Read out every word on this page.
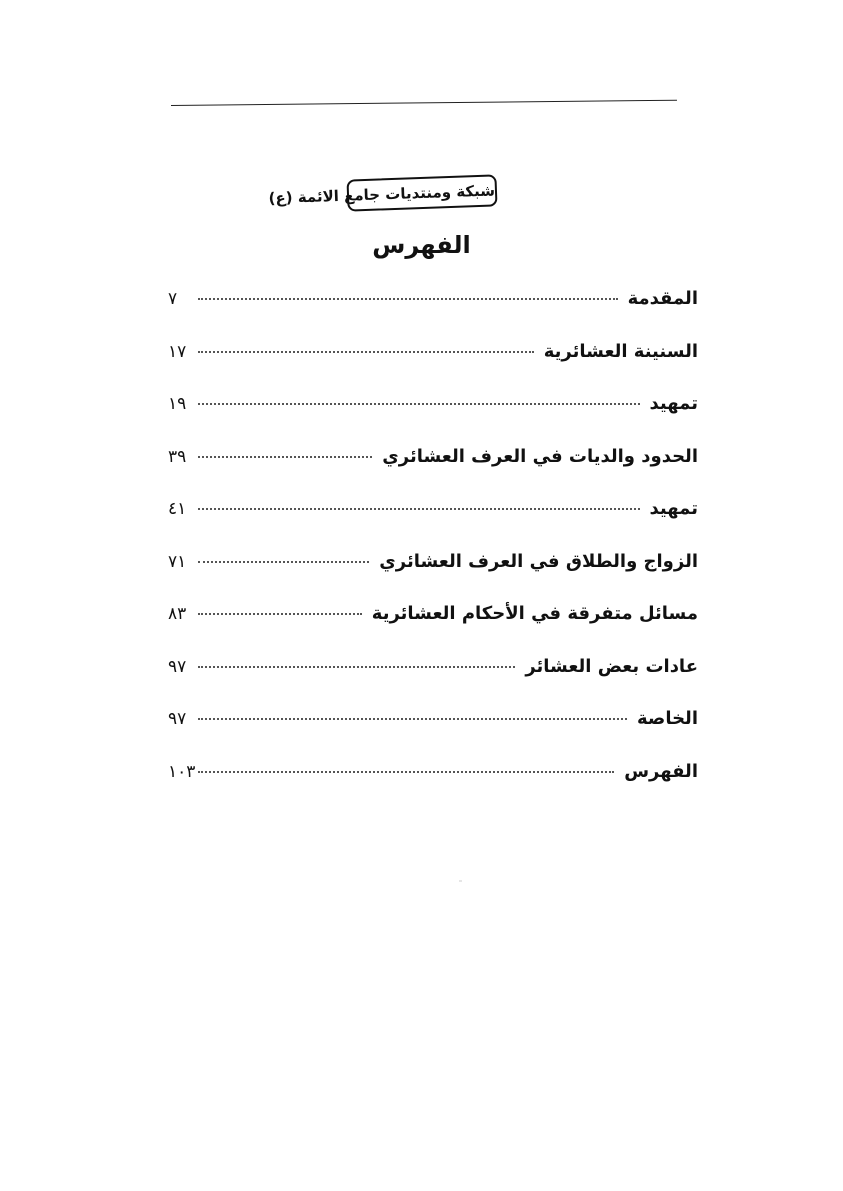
شبكة ومنتديات جامع الائمة (ع)
الفهرس
المقدمة
٧
السنينة العشائرية
١٧
تمهيد
١٩
الحدود والديات في العرف العشائري
٣٩
تمهيد
٤١
الزواج والطلاق في العرف العشائري
٧١
مسائل متفرقة في الأحكام العشائرية
٨٣
عادات بعض العشائر
٩٧
الخاصة
٩٧
الفهرس
١٠٣
